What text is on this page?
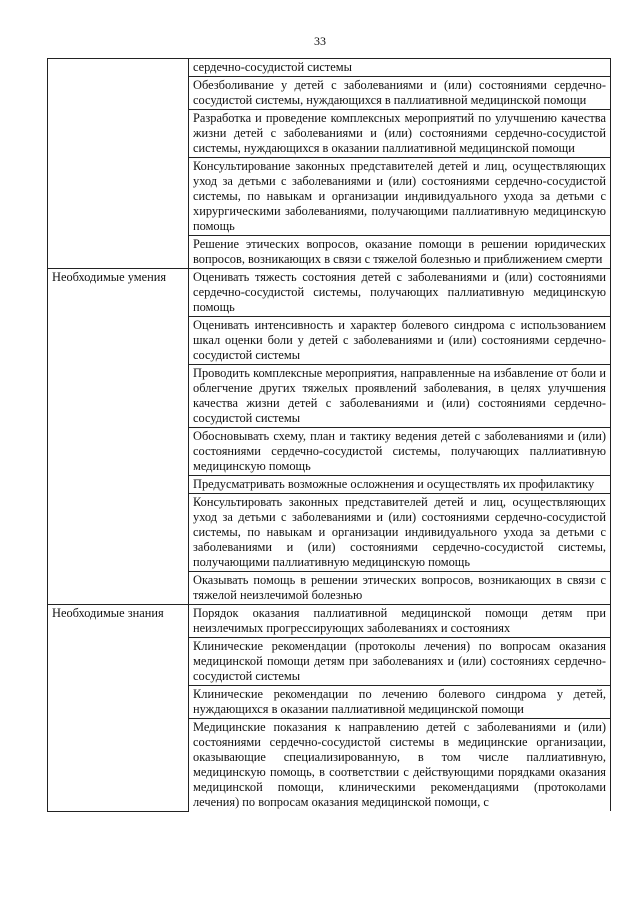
33
	сердечно-сосудистой системы
	Обезболивание у детей с заболеваниями и (или) состояниями сердечно-сосудистой системы, нуждающихся в паллиативной медицинской помощи
	Разработка и проведение комплексных мероприятий по улучшению качества жизни детей с заболеваниями и (или) состояниями сердечно-сосудистой системы, нуждающихся в оказании паллиативной медицинской помощи
	Консультирование законных представителей детей и лиц, осуществляющих уход за детьми с заболеваниями и (или) состояниями сердечно-сосудистой системы, по навыкам и организации индивидуального ухода за детьми с хирургическими заболеваниями, получающими паллиативную медицинскую помощь
	Решение этических вопросов, оказание помощи в решении юридических вопросов, возникающих в связи с тяжелой болезнью и приближением смерти
Необходимые умения	Оценивать тяжесть состояния детей с заболеваниями и (или) состояниями сердечно-сосудистой системы, получающих паллиативную медицинскую помощь
	Оценивать интенсивность и характер болевого синдрома с использованием шкал оценки боли у детей с заболеваниями и (или) состояниями сердечно-сосудистой системы
	Проводить комплексные мероприятия, направленные на избавление от боли и облегчение других тяжелых проявлений заболевания, в целях улучшения качества жизни детей с заболеваниями и (или) состояниями сердечно-сосудистой системы
	Обосновывать схему, план и тактику ведения детей с заболеваниями и (или) состояниями сердечно-сосудистой системы, получающих паллиативную медицинскую помощь
	Предусматривать возможные осложнения и осуществлять их профилактику
	Консультировать законных представителей детей и лиц, осуществляющих уход за детьми с заболеваниями и (или) состояниями сердечно-сосудистой системы, по навыкам и организации индивидуального ухода за детьми с заболеваниями и (или) состояниями сердечно-сосудистой системы, получающими паллиативную медицинскую помощь
	Оказывать помощь в решении этических вопросов, возникающих в связи с тяжелой неизлечимой болезнью
Необходимые знания	Порядок оказания паллиативной медицинской помощи детям при неизлечимых прогрессирующих заболеваниях и состояниях
	Клинические рекомендации (протоколы лечения) по вопросам оказания медицинской помощи детям при заболеваниях и (или) состояниях сердечно-сосудистой системы
	Клинические рекомендации по лечению болевого синдрома у детей, нуждающихся в оказании паллиативной медицинской помощи
	Медицинские показания к направлению детей с заболеваниями и (или) состояниями сердечно-сосудистой системы в медицинские организации, оказывающие специализированную, в том числе паллиативную, медицинскую помощь, в соответствии с действующими порядками оказания медицинской помощи, клиническими рекомендациями (протоколами лечения) по вопросам оказания медицинской помощи, с
